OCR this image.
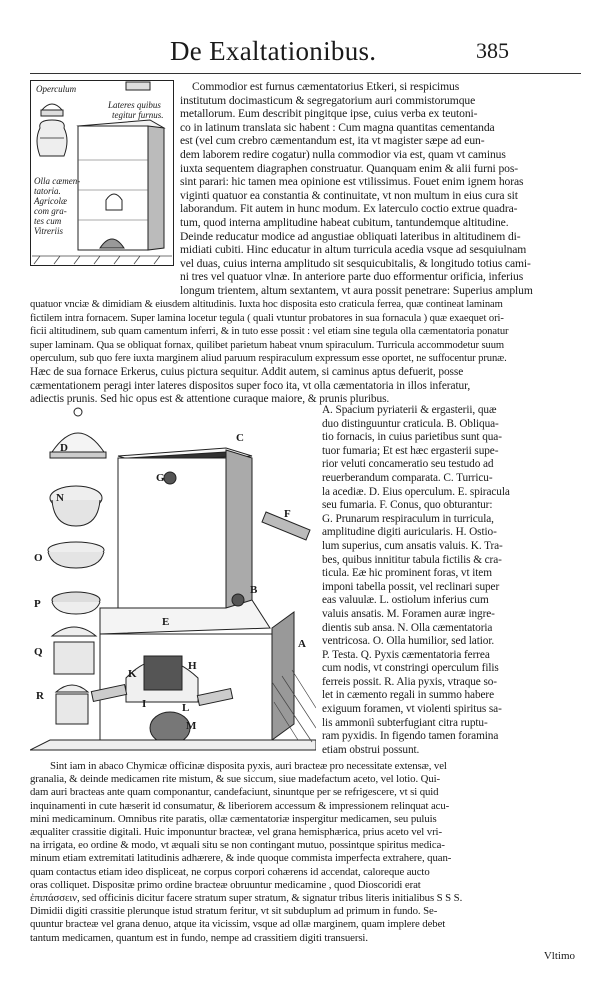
De Exaltationibus.	385
Operculum
Lateres quibus
tegitur furnus.
Olla cæmen-
tatoria.
Agricolæ
com gra-
tes cum
Vitreriis
Commodior est furnus cæmentatorius Etkeri, si respicimus
institutum docimasticum & segregatorium auri commistorumque
metallorum. Eum describit pingitque ipse, cuius verba ex teutoni-
co in latinum translata sic habent : Cum magna quantitas cementanda
est (vel cum crebro cæmentandum est, ita vt magister sæpe ad eun-
dem laborem redire cogatur) nulla commodior via est, quam vt caminus
iuxta sequentem diagraphen construatur. Quanquam enim & alii furni pos-
sint parari: hic tamen mea opinione est vtilissimus. Fouet enim ignem horas
viginti quatuor ea constantia & continuitate, vt non multum in eius cura sit
laborandum. Fit autem in hunc modum. Ex laterculo coctio extrue quadra-
tum, quod interna amplitudine habeat cubitum, tantundemque altitudine.
Deinde reducatur modice ad angustiae obliquati lateribus in altitudinem di-
midiati cubiti. Hinc educatur in altum turricula acedia vsque ad sesquiulnam
vel duas, cuius interna amplitudo sit sesquicubitalis, & longitudo totius cami-
ni tres vel quatuor vlnæ. In anteriore parte duo efformentur orificia, inferius
longum trientem, altum sextantem, vt aura possit penetrare: Superius amplum
quatuor vnciæ & dimidiam & eiusdem altitudinis. Iuxta hoc disposita esto craticula ferrea, quæ contineat laminam
fictilem intra fornacem. Super lamina locetur tegula ( quali vtuntur probatores in sua fornacula ) quæ exaequet ori-
ficii altitudinem, sub quam camentum inferri, & in tuto esse possit : vel etiam sine tegula olla cæmentatoria ponatur
super laminam. Qua se obliquat fornax, quilibet parietum habeat vnum spiraculum. Turricula accommodetur suum
operculum, sub quo fere iuxta marginem aliud paruum respiraculum expressum esse oportet, ne suffocentur prunæ.
Hæc de sua fornace Erkerus, cuius pictura sequitur. Addit autem, si caminus aptus defuerit, posse
cæmentationem peragi inter lateres dispositos super foco ita, vt olla cæmentatoria in illos inferatur,
adiectis prunis. Sed hic opus est & attentione curaque maiore, & prunis pluribus.
D
N
O
P
Q
R
G
C
F
B
E
K
H
I	L
M
A
A. Spacium pyriaterii & ergasterii, quæ
duo distinguuntur craticula. B. Obliqua-
tio fornacis, in cuius parietibus sunt qua-
tuor fumaria; Et est hæc ergasterii supe-
rior veluti concameratio seu testudo ad
reuerberandum comparata. C. Turricu-
la acediæ. D. Eius operculum. E. spiracula
seu fumaria. F. Conus, quo obturantur:
G. Prunarum respiraculum in turricula,
amplitudine digiti auricularis. H. Ostio-
lum superius, cum ansatis valuis. K. Tra-
bes, quibus innititur tabula fictilis & cra-
ticula. Eæ hic prominent foras, vt item
imponi tabella possit, vel reclinari super
eas valuulæ. L. ostiolum inferius cum
valuis ansatis. M. Foramen auræ ingre-
dientis sub ansa. N. Olla cæmentatoria
ventricosa. O. Olla humilior, sed latior.
P. Testa. Q. Pyxis cæmentatoria ferrea
cum nodis, vt constringi operculum filis
ferreis possit. R. Alia pyxis, vtraque so-
let in cæmento regali in summo habere
exiguum foramen, vt violenti spiritus sa-
lis ammoniì subterfugiant citra ruptu-
ram pyxidis. In figendo tamen foramina
etiam obstrui possunt.
Sint iam in abaco Chymicæ officinæ disposita pyxis, auri bracteæ pro necessitate extensæ, vel
granalia, & deinde medicamen rite mistum, & sue siccum, siue madefactum aceto, vel lotio. Qui-
dam auri bracteas ante quam componantur, candefaciunt, sinuntque per se refrigescere, vt si quid
inquinamenti in cute hæserit id consumatur, & liberiorem accessum & impressionem relinquat acu-
mini medicaminum. Omnibus rite paratis, ollæ cæmentatoriæ inspergitur medicamen, seu puluis
æqualiter crassitie digitali. Huic imponuntur bracteæ, vel grana hemisphærica, prius aceto vel vri-
na irrigata, eo ordine & modo, vt æquali situ se non contingant mutuo, possintque spiritus medica-
minum etiam extremitati latitudinis adhærere, & inde quoque commista imperfecta extrahere, quan-
quam contactus etiam ideo displiceat, ne corpus corpori cohærens id accendat, caloreque aucto
oras colliquet. Dispositæ primo ordine bracteæ obruuntur medicamine , quod Dioscoridi erat
ἐπιπάσσειν, sed officinis dicitur facere stratum super stratum, & signatur tribus literis initialibus S S S.
Dimidii digiti crassitie plerunque istud stratum feritur, vt sit subduplum ad primum in fundo. Se-
quuntur bracteæ vel grana denuo, atque ita vicissim, vsque ad ollæ marginem, quam implere debet
tantum medicamen, quantum est in fundo, nempe ad crassitiem digiti transuersi.
Vltimo
